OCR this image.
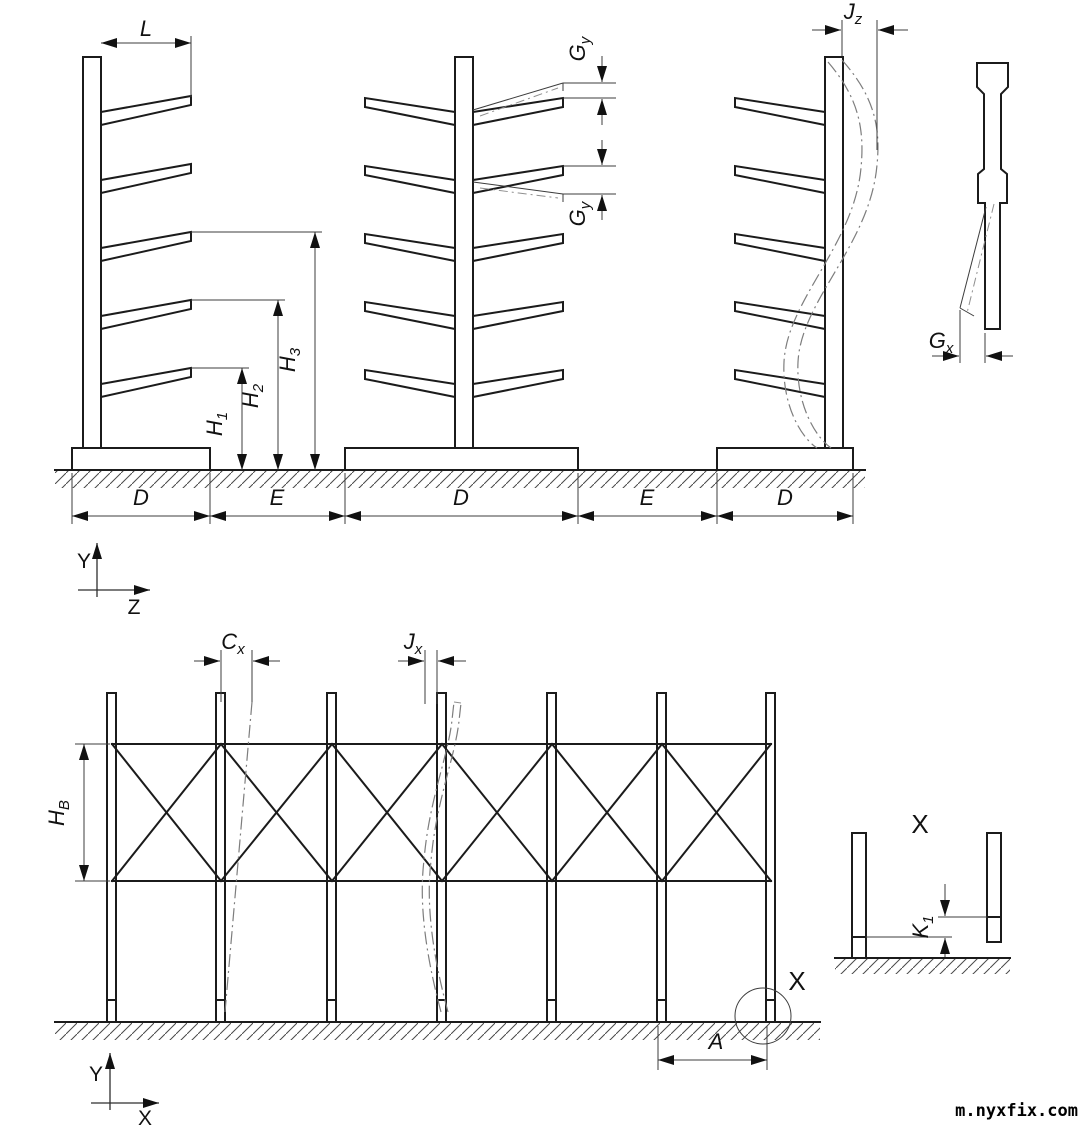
L
$H_1$
$H_2$
$H_3$
$G_y$
$G_y$
$J_z$
$G_x$
D	E	D	E	D
Y
Z
$H_B$
$C_x$	$J_x$
A
X
X
$K_1$
Y
X	m.nyxfix.com
